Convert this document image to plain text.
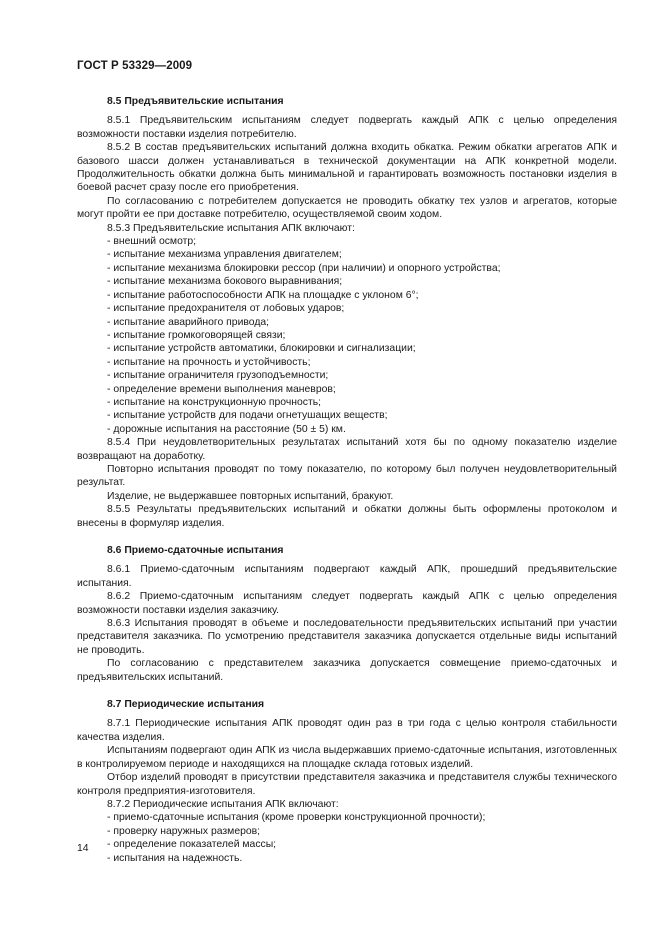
ГОСТ Р 53329—2009
8.5 Предъявительские испытания

8.5.1 Предъявительским испытаниям следует подвергать каждый АПК с целью определения возможности поставки изделия потребителю.

8.5.2 В состав предъявительских испытаний должна входить обкатка. Режим обкатки агрегатов АПК и базового шасси должен устанавливаться в технической документации на АПК конкретной модели. Продолжительность обкатки должна быть минимальной и гарантировать возможность постановки изделия в боевой расчет сразу после его приобретения.

По согласованию с потребителем допускается не проводить обкатку тех узлов и агрегатов, которые могут пройти ее при доставке потребителю, осуществляемой своим ходом.

8.5.3 Предъявительские испытания АПК включают:

- внешний осмотр;

- испытание механизма управления двигателем;

- испытание механизма блокировки рессор (при наличии) и опорного устройства;

- испытание механизма бокового выравнивания;

- испытание работоспособности АПК на площадке с уклоном 6°;

- испытание предохранителя от лобовых ударов;

- испытание аварийного привода;

- испытание громкоговорящей связи;

- испытание устройств автоматики, блокировки и сигнализации;

- испытание на прочность и устойчивость;

- испытание ограничителя грузоподъемности;

- определение времени выполнения маневров;

- испытание на конструкционную прочность;

- испытание устройств для подачи огнетушащих веществ;

- дорожные испытания на расстояние (50 ± 5) км.

8.5.4 При неудовлетворительных результатах испытаний хотя бы по одному показателю изделие возвращают на доработку.

Повторно испытания проводят по тому показателю, по которому был получен неудовлетворительный результат.

Изделие, не выдержавшее повторных испытаний, бракуют.

8.5.5 Результаты предъявительских испытаний и обкатки должны быть оформлены протоколом и внесены в формуляр изделия.

8.6 Приемо-сдаточные испытания

8.6.1 Приемо-сдаточным испытаниям подвергают каждый АПК, прошедший предъявительские испытания.

8.6.2 Приемо-сдаточным испытаниям следует подвергать каждый АПК с целью определения возможности поставки изделия заказчику.

8.6.3 Испытания проводят в объеме и последовательности предъявительских испытаний при участии представителя заказчика. По усмотрению представителя заказчика допускается отдельные виды испытаний не проводить.

По согласованию с представителем заказчика допускается совмещение приемо-сдаточных и предъявительских испытаний.

8.7 Периодические испытания

8.7.1 Периодические испытания АПК проводят один раз в три года с целью контроля стабильности качества изделия.

Испытаниям подвергают один АПК из числа выдержавших приемо-сдаточные испытания, изготовленных в контролируемом периоде и находящихся на площадке склада готовых изделий.

Отбор изделий проводят в присутствии представителя заказчика и представителя службы технического контроля предприятия-изготовителя.

8.7.2 Периодические испытания АПК включают:

- приемо-сдаточные испытания (кроме проверки конструкционной прочности);

- проверку наружных размеров;

- определение показателей массы;

- испытания на надежность.

14
